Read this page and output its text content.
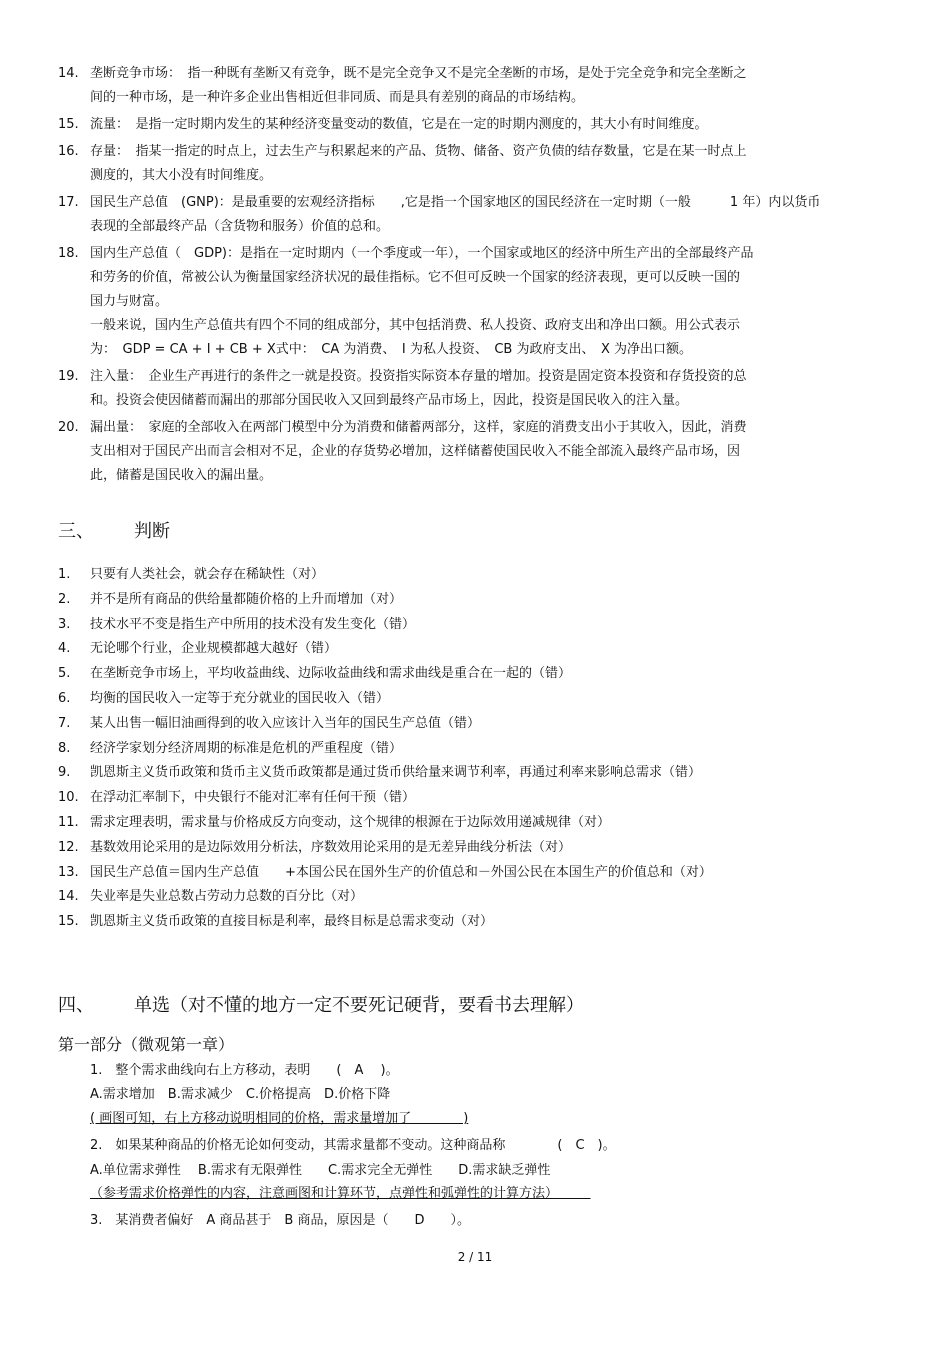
14. 垄断竞争市场：　指一种既有垄断又有竞争，既不是完全竞争又不是完全垄断的市场，是处于完全竞争和完全垄断之
间的一种市场，是一种许多企业出售相近但非同质、而是具有差别的商品的市场结构。
15. 流量：　是指一定时期内发生的某种经济变量变动的数值，它是在一定的时期内测度的，其大小有时间维度。
16. 存量：　指某一指定的时点上，过去生产与积累起来的产品、货物、储备、资产负债的结存数量，它是在某一时点上
测度的，其大小没有时间维度。
17. 国民生产总值　(GNP)：是最重要的宏观经济指标　　,它是指一个国家地区的国民经济在一定时期（一般　　　1 年）内以货币
表现的全部最终产品（含货物和服务）价值的总和。
18. 国内生产总值（　GDP)：是指在一定时期内（一个季度或一年），一个国家或地区的经济中所生产出的全部最终产品
和劳务的价值，常被公认为衡量国家经济状况的最佳指标。它不但可反映一个国家的经济表现，更可以反映一国的
国力与财富。
一般来说，国内生产总值共有四个不同的组成部分，其中包括消费、私人投资、政府支出和净出口额。用公式表示
为：　GDP = CA + I + CB + X式中：　CA 为消费、　I 为私人投资、　CB 为政府支出、　X 为净出口额。
19. 注入量：　企业生产再进行的条件之一就是投资。投资指实际资本存量的增加。投资是固定资本投资和存货投资的总
和。投资会使因储蓄而漏出的那部分国民收入又回到最终产品市场上，因此，投资是国民收入的注入量。
20. 漏出量：　家庭的全部收入在两部门模型中分为消费和储蓄两部分，这样，家庭的消费支出小于其收入，因此，消费
支出相对于国民产出而言会相对不足，企业的存货势必增加，这样储蓄使国民收入不能全部流入最终产品市场，因
此，储蓄是国民收入的漏出量。
三、 判断
1.	只要有人类社会，就会存在稀缺性（对）
2.	并不是所有商品的供给量都随价格的上升而增加（对）
3.	技术水平不变是指生产中所用的技术没有发生变化（错）
4.	无论哪个行业，企业规模都越大越好（错）
5.	在垄断竞争市场上，平均收益曲线、边际收益曲线和需求曲线是重合在一起的（错）
6.	均衡的国民收入一定等于充分就业的国民收入（错）
7.	某人出售一幅旧油画得到的收入应该计入当年的国民生产总值（错）
8.	经济学家划分经济周期的标准是危机的严重程度（错）
9.	凯恩斯主义货币政策和货币主义货币政策都是通过货币供给量来调节利率，再通过利率来影响总需求（错）
10. 在浮动汇率制下，中央银行不能对汇率有任何干预（错）
11. 需求定理表明，需求量与价格成反方向变动，这个规律的根源在于边际效用递减规律（对）
12. 基数效用论采用的是边际效用分析法，序数效用论采用的是无差异曲线分析法（对）
13. 国民生产总值＝国内生产总值　　+本国公民在国外生产的价值总和－外国公民在本国生产的价值总和（对）
14. 失业率是失业总数占劳动力总数的百分比（对）
15. 凯恩斯主义货币政策的直接目标是利率，最终目标是总需求变动（对）
四、 单选（对不懂的地方一定不要死记硬背，要看书去理解）
第一部分（微观第一章）
1.　整个需求曲线向右上方移动，表明　　(　A　 )。
A.需求增加　B.需求减少　C.价格提高　D.价格下降
( 画图可知，右上方移动说明相同的价格，需求量增加了　　　　)
2.　如果某种商品的价格无论如何变动，其需求量都不变动。这种商品称　　　　(　C　)。
A.单位需求弹性　 B.需求有无限弹性　　C.需求完全无弹性　　D.需求缺乏弹性
（参考需求价格弹性的内容，注意画图和计算环节，点弹性和弧弹性的计算方法）　　　
3.　某消费者偏好　A 商品甚于　B 商品，原因是（　　D　　）。
2 / 11
